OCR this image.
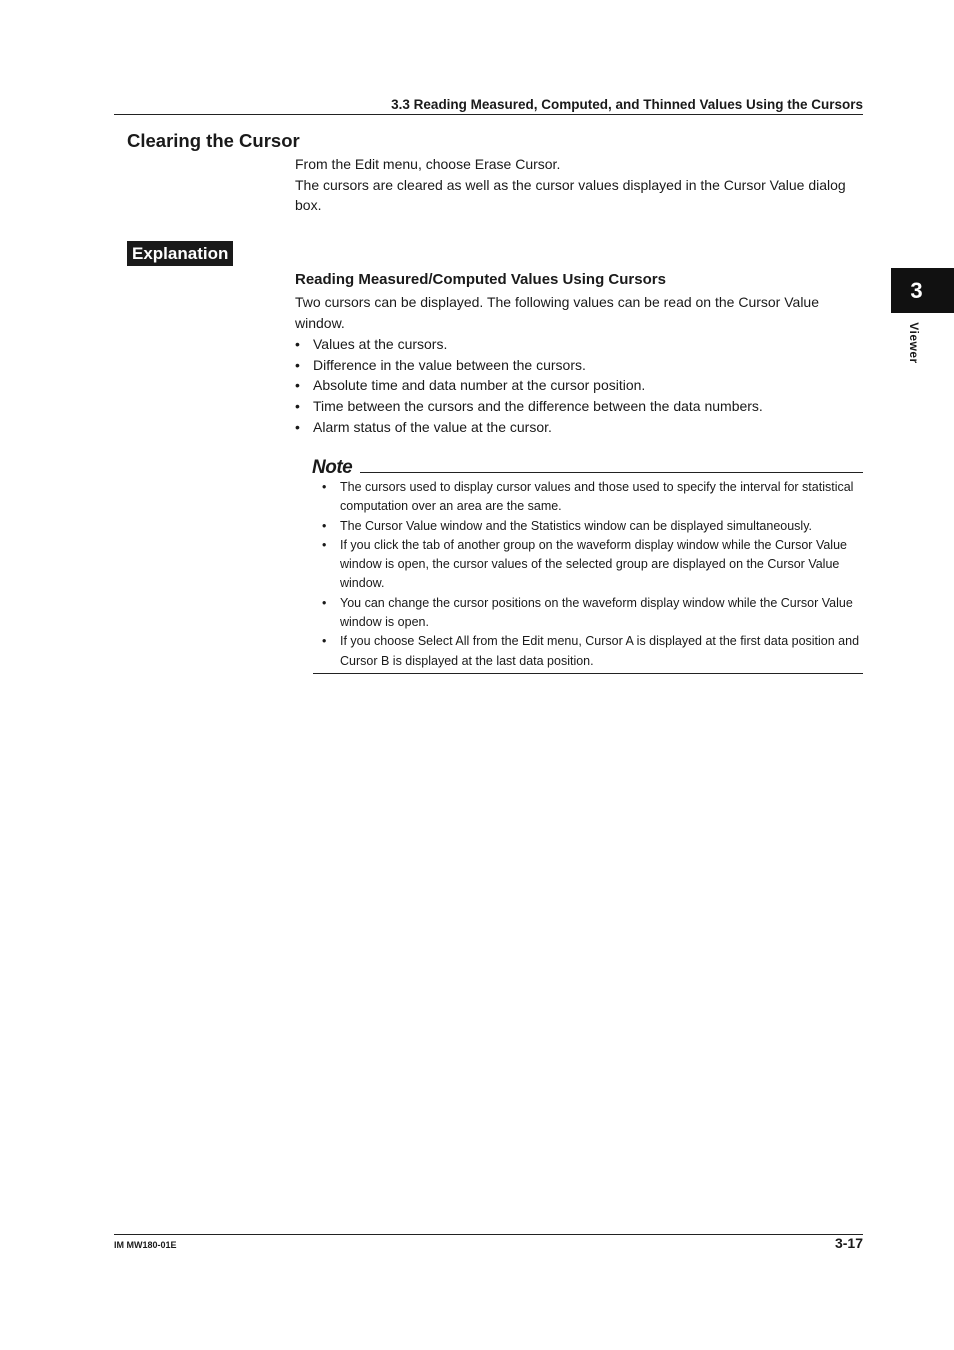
3.3 Reading Measured, Computed, and Thinned Values Using the Cursors
Clearing the Cursor

From the Edit menu, choose Erase Cursor.

The cursors are cleared as well as the cursor values displayed in the Cursor Value dialog box.

Explanation
Reading Measured/Computed Values Using Cursors

Two cursors can be displayed. The following values can be read on the Cursor Value window.

• Values at the cursors.
• Difference in the value between the cursors.
• Absolute time and data number at the cursor position.
• Time between the cursors and the difference between the data numbers.
• Alarm status of the value at the cursor.
Note
• The cursors used to display cursor values and those used to specify the interval for statistical computation over an area are the same.
• The Cursor Value window and the Statistics window can be displayed simultaneously.
• If you click the tab of another group on the waveform display window while the Cursor Value window is open, the cursor values of the selected group are displayed on the Cursor Value window.
• You can change the cursor positions on the waveform display window while the Cursor Value window is open.
• If you choose Select All from the Edit menu, Cursor A is displayed at the first data position and Cursor B is displayed at the last data position.
3
Viewer
IM MW180-01E	3-17
